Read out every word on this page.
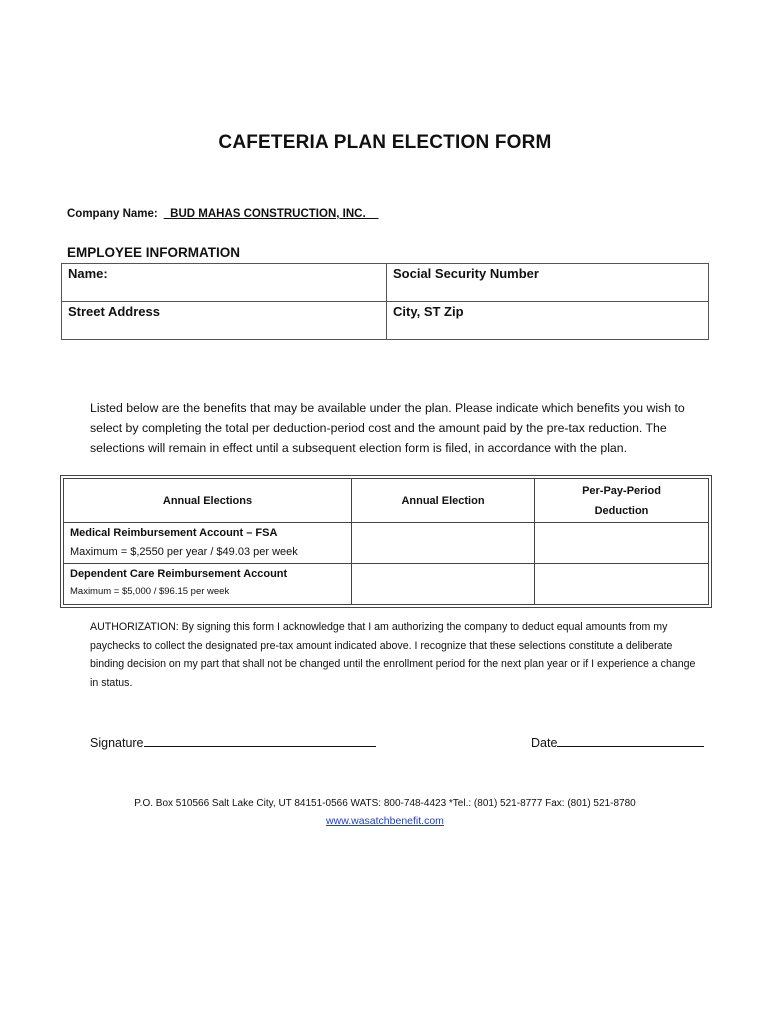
CAFETERIA PLAN ELECTION FORM
Company Name: _BUD MAHAS CONSTRUCTION, INC.__
EMPLOYEE INFORMATION
Name:	Social Security Number
Street Address	City, ST Zip
Listed below are the benefits that may be available under the plan. Please indicate which benefits you wish to select by completing the total per deduction-period cost and the amount paid by the pre-tax reduction. The selections will remain in effect until a subsequent election form is filed, in accordance with the plan.
Annual Elections	Annual Election	Per-Pay-Period
Deduction

Medical Reimbursement Account – FSA
Maximum = $,2550 per year / $49.03 per week		

Dependent Care Reimbursement Account
Maximum = $5,000 / $96.15 per week		

AUTHORIZATION: By signing this form I acknowledge that I am authorizing the company to deduct equal amounts from my paychecks to collect the designated pre-tax amount indicated above. I recognize that these selections constitute a deliberate binding decision on my part that shall not be changed until the enrollment period for the next plan year or if I experience a change in status.
Signature	Date
P.O. Box 510566 Salt Lake City, UT 84151-0566 WATS: 800-748-4423 *Tel.: (801) 521-8777 Fax: (801) 521-8780
www.wasatchbenefit.com
